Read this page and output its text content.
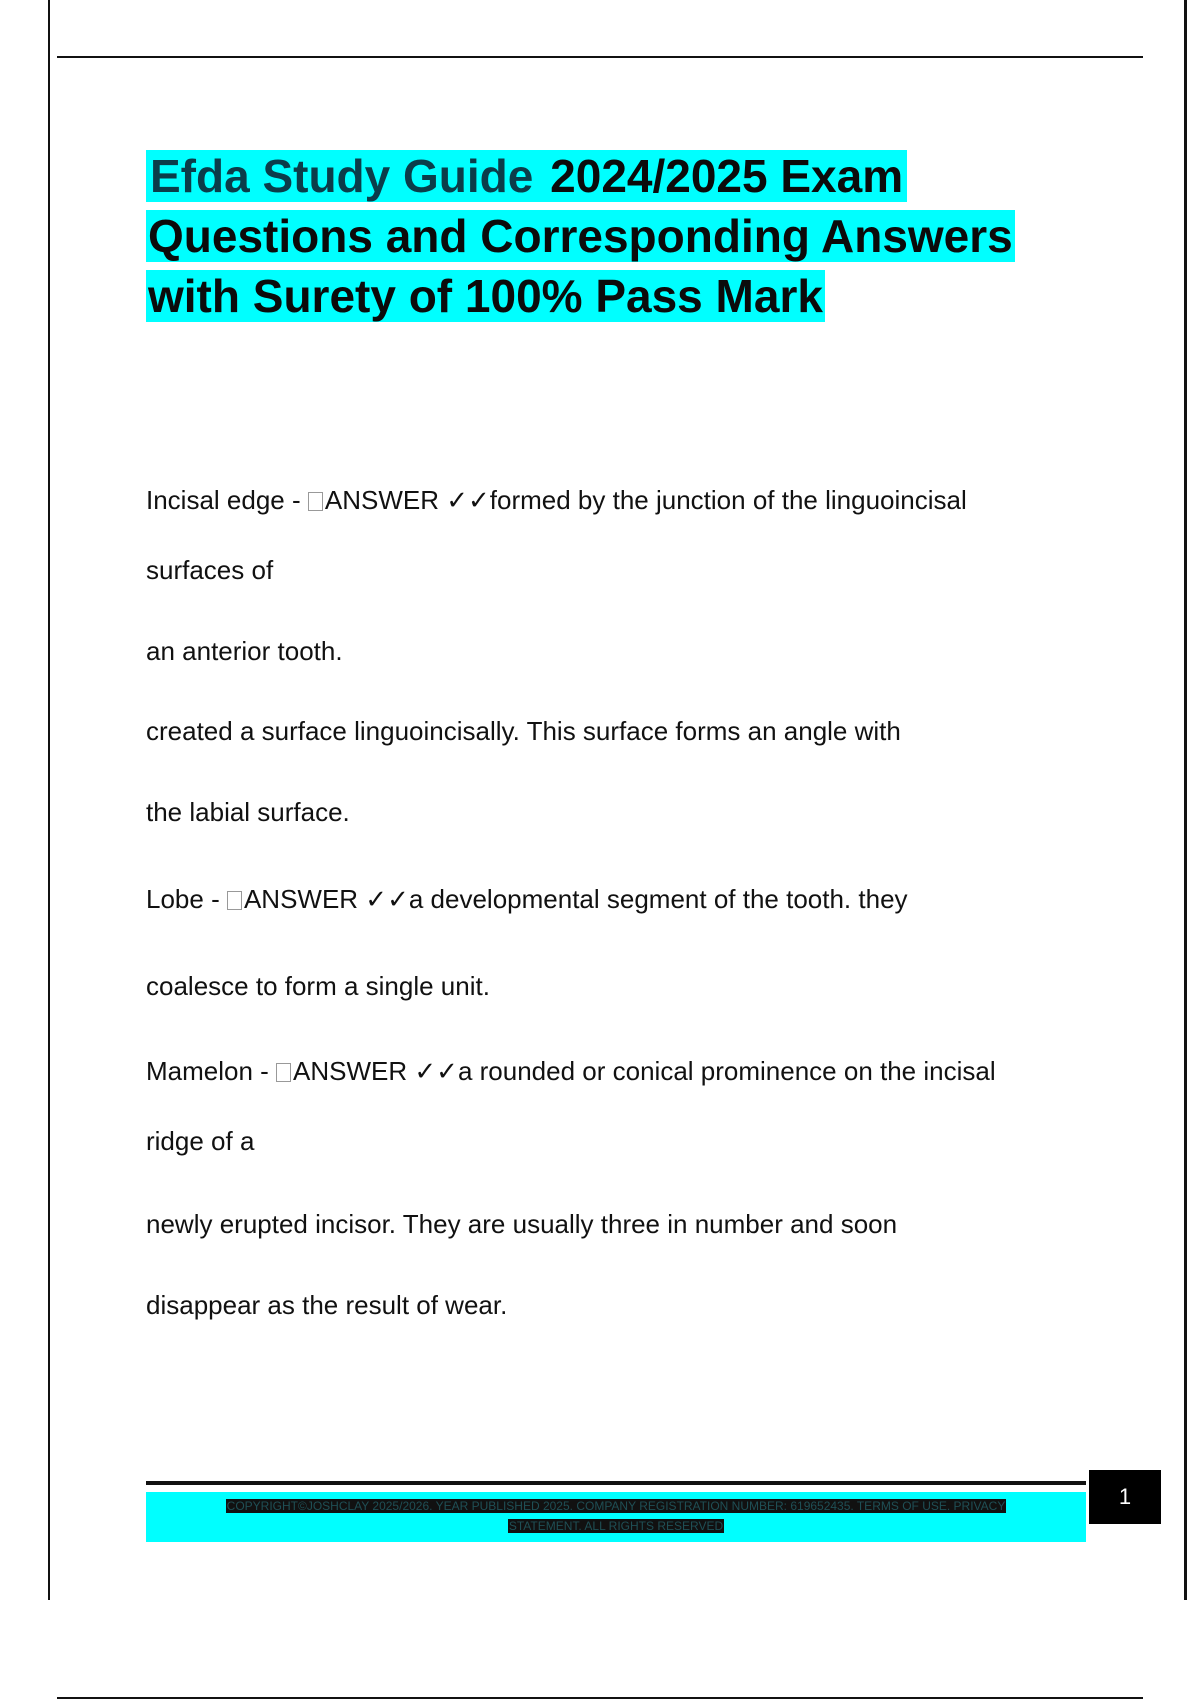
Efda Study Guide 2024/2025 Exam
Questions and Corresponding Answers
with Surety of 100% Pass Mark
Incisal edge - ANSWER ✓✓formed by the junction of the linguoincisal
surfaces of
an anterior tooth.
created a surface linguoincisally. This surface forms an angle with
the labial surface.
Lobe - ANSWER ✓✓a developmental segment of the tooth. they
coalesce to form a single unit.
Mamelon - ANSWER ✓✓a rounded or conical prominence on the incisal
ridge of a
newly erupted incisor. They are usually three in number and soon
disappear as the result of wear.
COPYRIGHT©JOSHCLAY 2025/2026. YEAR PUBLISHED 2025. COMPANY REGISTRATION NUMBER: 619652435. TERMS OF USE. PRIVACY
STATEMENT. ALL RIGHTS RESERVED
1
